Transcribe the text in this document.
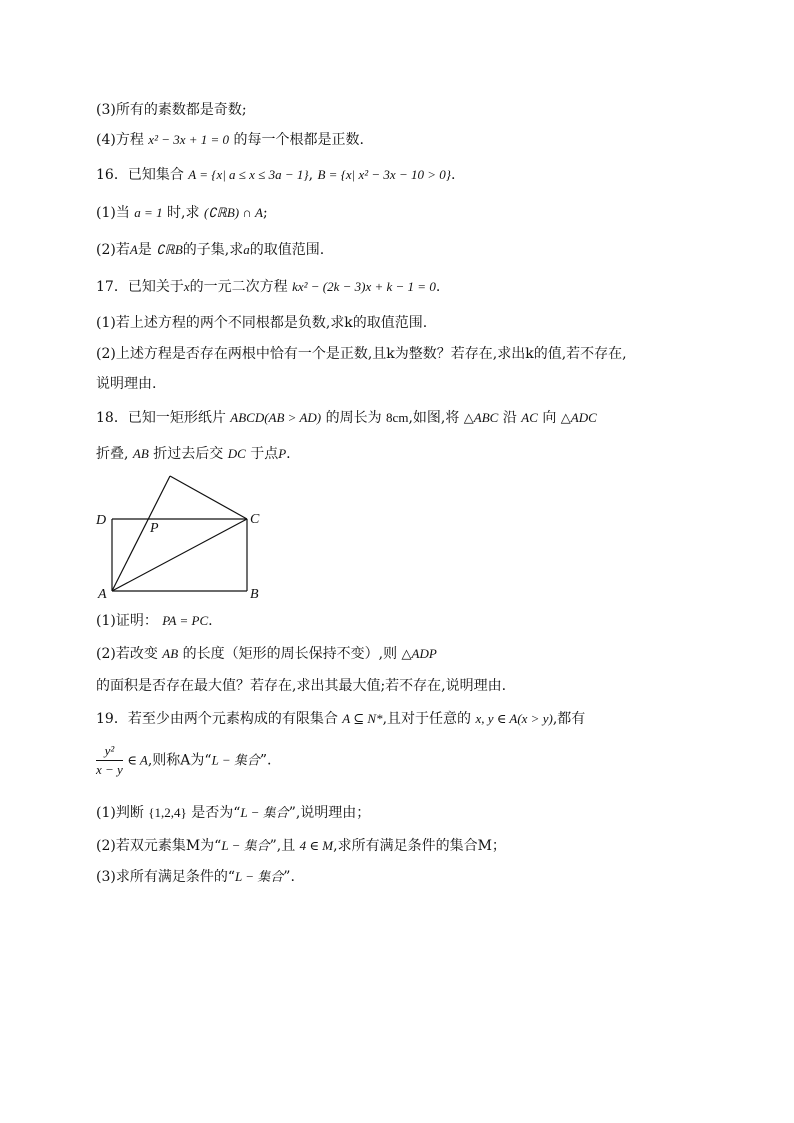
(3)所有的素数都是奇数;
(4)方程 x² − 3x + 1 = 0 的每一个根都是正数.
16．已知集合 A = {x| a ≤ x ≤ 3a − 1}, B = {x| x² − 3x − 10 > 0}.
(1)当 a = 1 时,求 (∁ℝB) ∩ A;
(2)若A是 ∁ℝB的子集,求a的取值范围.
17．已知关于x的一元二次方程 kx² − (2k − 3)x + k − 1 = 0.
(1)若上述方程的两个不同根都是负数,求k的取值范围.
(2)上述方程是否存在两根中恰有一个是正数,且k为整数？若存在,求出k的值,若不存在,
说明理由.
18．已知一矩形纸片 ABCD(AB > AD) 的周长为 8cm,如图,将 △ABC 沿 AC 向 △ADC
折叠, AB 折过去后交 DC 于点P.
D
P
C
A	B
(1)证明： PA = PC.
(2)若改变 AB 的长度（矩形的周长保持不变）,则 △ADP
的面积是否存在最大值？若存在,求出其最大值;若不存在,说明理由.
19．若至少由两个元素构成的有限集合 A ⊆ N*,且对于任意的 x, y ∈ A(x > y),都有
$\frac{\text{y²}}{x - y}$ ∈ A,则称A为“L − 集合”.
(1)判断 {1,2,4} 是否为“L − 集合”,说明理由；
(2)若双元素集M为“L − 集合”,且 4 ∈ M,求所有满足条件的集合M；
(3)求所有满足条件的“L − 集合”.
